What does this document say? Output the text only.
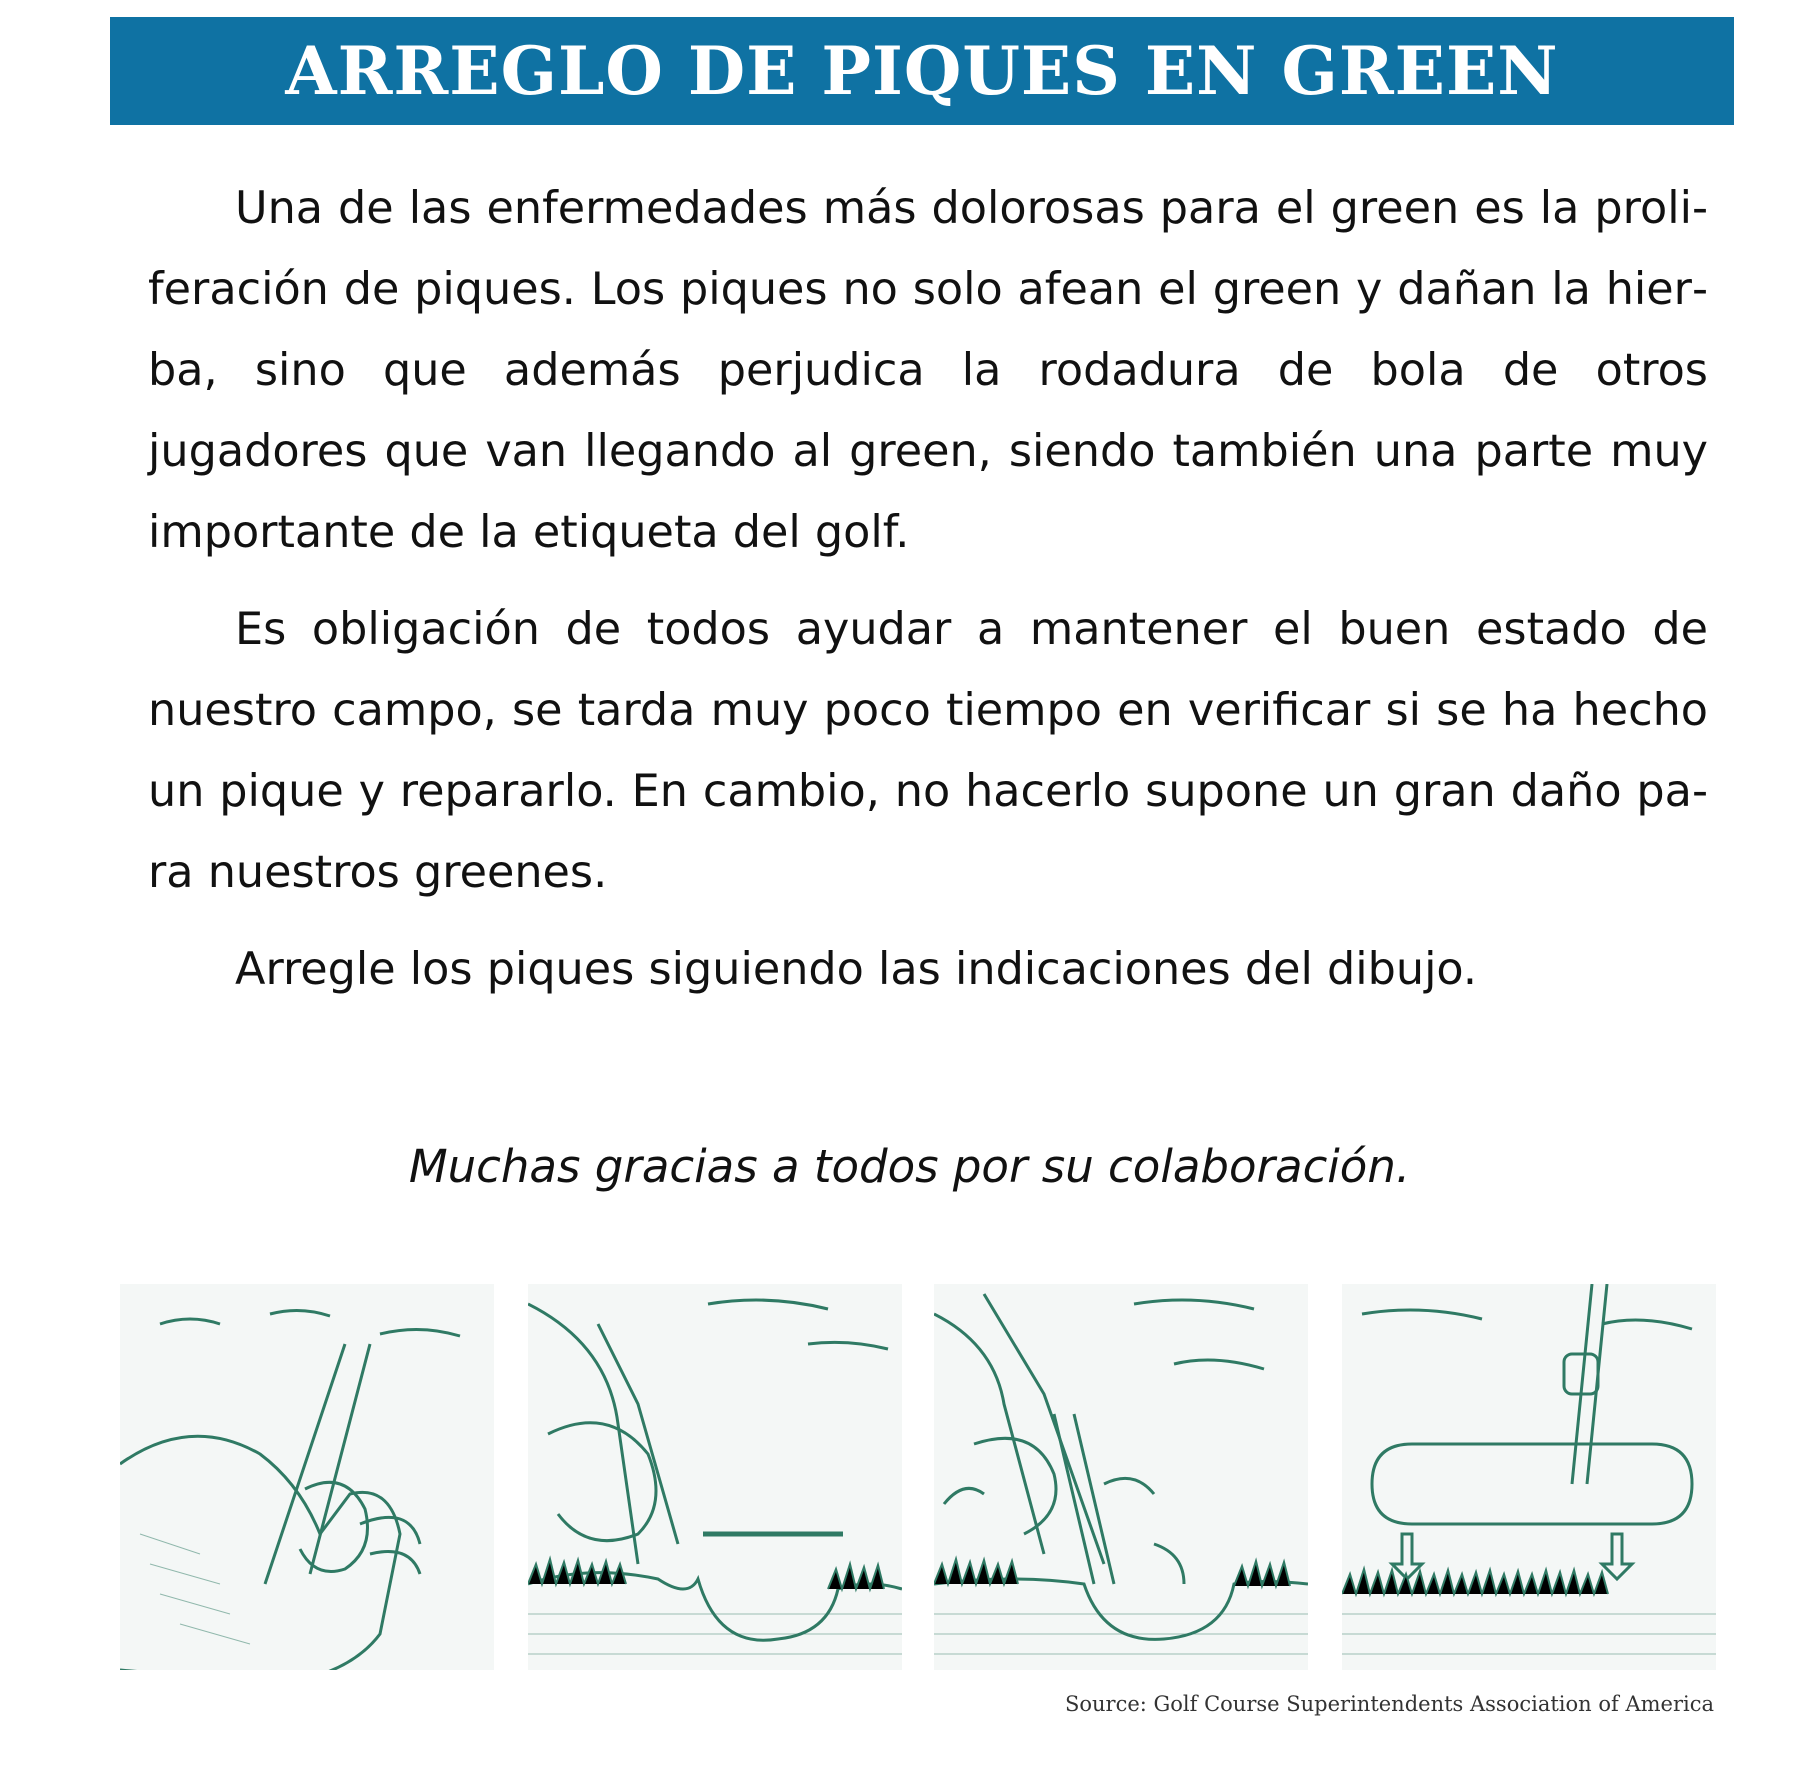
ARREGLO DE PIQUES EN GREEN

Una de las enfermedades más dolorosas para el green es la proliferación de piques. Los piques no solo afean el green y dañan la hierba, sino que además perjudica la rodadura de bola de otros jugadores que van llegando al green, siendo también una parte muy importante de la etiqueta del golf.

Es obligación de todos ayudar a mantener el buen estado de nuestro campo, se tarda muy poco tiempo en verificar si se ha hecho un pique y repararlo. En cambio, no hacerlo supone un gran daño para nuestros greenes.

Arregle los piques siguiendo las indicaciones del dibujo.

Muchas gracias a todos por su colaboración.
Source: Golf Course Superintendents Association of America
